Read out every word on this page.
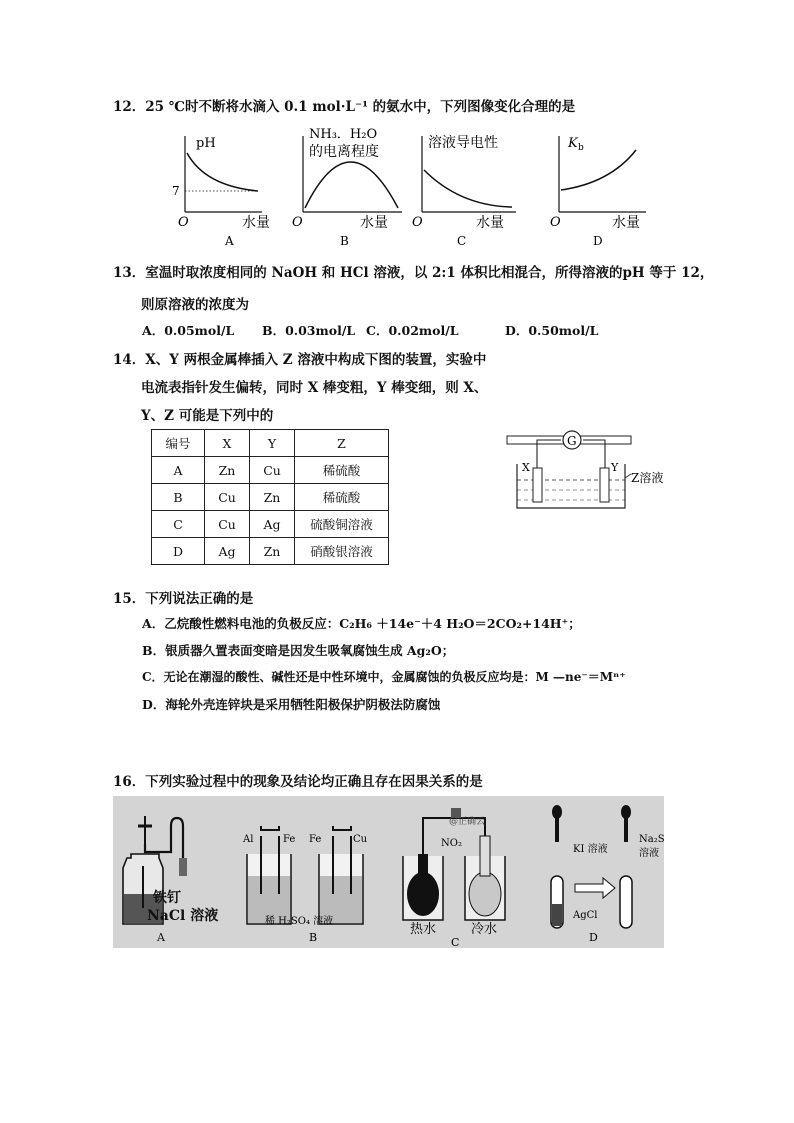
12．25 ℃时不断将水滴入 0.1 mol·L⁻¹ 的氨水中，下列图像变化合理的是
pH
7
O	水量
A
NH₃．H₂O
的电离程度
O	水量
B
溶液导电性
O	水量
C
K b
O	水量
D
13．室温时取浓度相同的 NaOH 和 HCl 溶液，以 2:1 体积比相混合，所得溶液的pH 等于 12，
则原溶液的浓度为
A．0.05mol/L B．0.03mol/L C．0.02mol/L	D．0.50mol/L
14．X、Y 两根金属棒插入 Z 溶液中构成下图的装置，实验中
电流表指针发生偏转，同时 X 棒变粗，Y 棒变细，则 X、
Y、Z 可能是下列中的
编号	X	Y	Z
A	Zn	Cu	稀硫酸
B	Cu	Zn	稀硫酸
C	Cu	Ag	硫酸铜溶液
D	Ag	Zn	硝酸银溶液
G
X	Y
Z溶液
15．下列说法正确的是
A．乙烷酸性燃料电池的负极反应：C₂H₆ ＋14e⁻＋4 H₂O＝2CO₂+14H⁺；
B．银质器久置表面变暗是因发生吸氧腐蚀生成 Ag₂O；
C．无论在潮湿的酸性、碱性还是中性环境中，金属腐蚀的负极反应均是：M —ne⁻＝Mⁿ⁺
D．海轮外壳连锌块是采用牺牲阳极保护阴极法防腐蚀
16．下列实验过程中的现象及结论均正确且存在因果关系的是
铁钉
NaCl 溶液
A
Al	Fe Fe	Cu
稀 H₂SO₄ 溶液
B
NO₂
热水	冷水
C
@正确云
KI 溶液
Na₂S
溶液
AgCl
D
